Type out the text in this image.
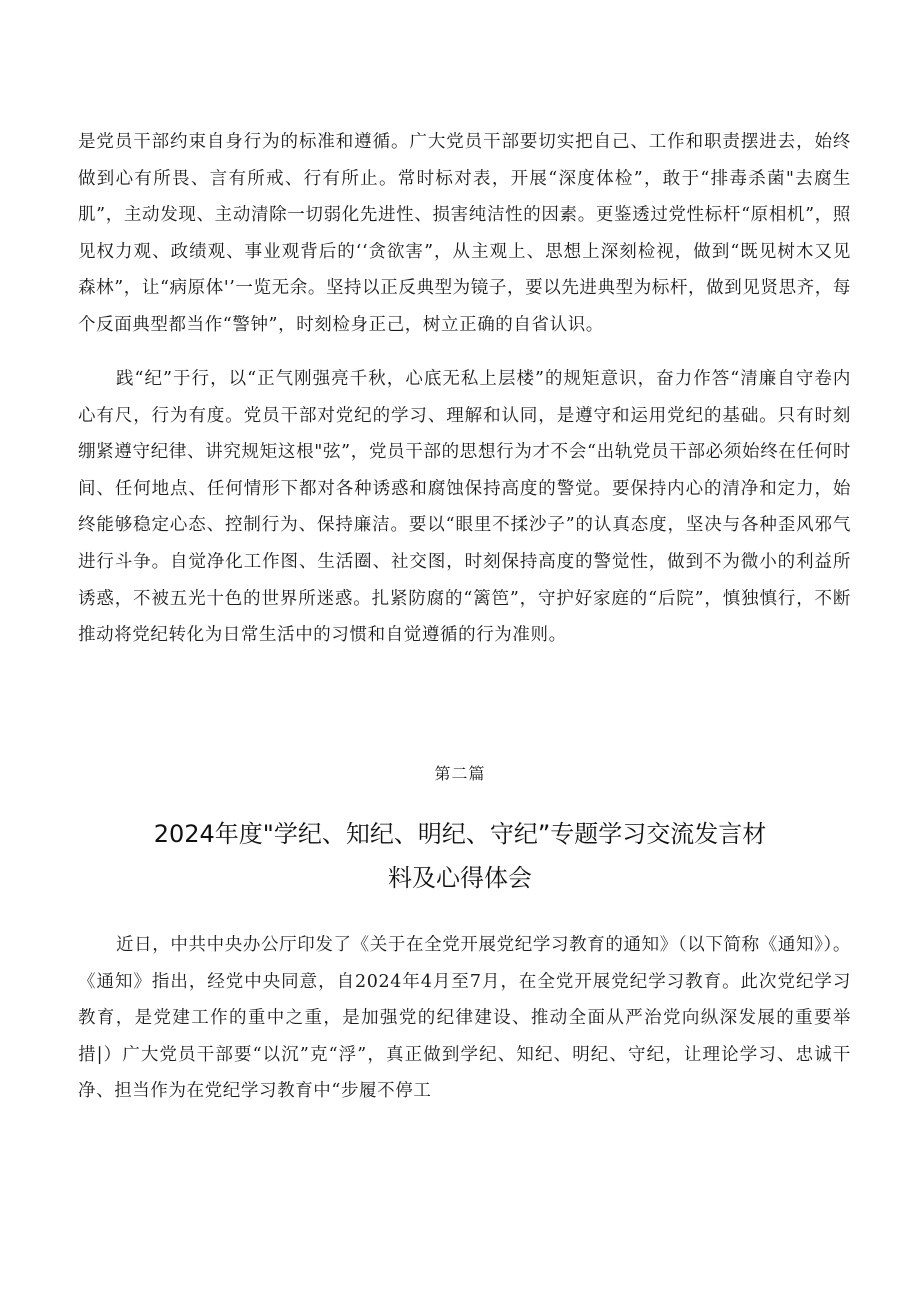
是党员干部约束自身行为的标准和遵循。广大党员干部要切实把自己、工作和职责摆进去，始终做到心有所畏、言有所戒、行有所止。常时标对表，开展“深度体检”，敢于“排毒杀菌"去腐生肌”，主动发现、主动清除一切弱化先进性、损害纯洁性的因素。更鉴透过党性标杆“原相机”，照见权力观、政绩观、事业观背后的‘‘贪欲害”，从主观上、思想上深刻检视，做到“既见树木又见森林”，让“病原体'’一览无余。坚持以正反典型为镜子，要以先进典型为标杆，做到见贤思齐，每个反面典型都当作“警钟”，时刻检身正己，树立正确的自省认识。

践“纪”于行，以“正气刚强亮千秋，心底无私上层楼”的规矩意识，奋力作答“清廉自守卷内心有尺，行为有度。党员干部对党纪的学习、理解和认同，是遵守和运用党纪的基础。只有时刻绷紧遵守纪律、讲究规矩这根"弦”，党员干部的思想行为才不会“出轨党员干部必须始终在任何时间、任何地点、任何情形下都对各种诱惑和腐蚀保持高度的警觉。要保持内心的清净和定力，始终能够稳定心态、控制行为、保持廉洁。要以“眼里不揉沙子”的认真态度，坚决与各种歪风邪气进行斗争。自觉净化工作图、生活圈、社交图，时刻保持高度的警觉性，做到不为微小的利益所诱惑，不被五光十色的世界所迷惑。扎紧防腐的“篱笆”，守护好家庭的“后院”，慎独慎行，不断推动将党纪转化为日常生活中的习惯和自觉遵循的行为准则。

第二篇
2024年度"学纪、知纪、明纪、守纪”专题学习交流发言材
料及心得体会

近日，中共中央办公厅印发了《关于在全党开展党纪学习教育的通知》（以下简称《通知》）。《通知》指出，经党中央同意，自2024年4月至7月，在全党开展党纪学习教育。此次党纪学习教育，是党建工作的重中之重，是加强党的纪律建设、推动全面从严治党向纵深发展的重要举措|）广大党员干部要“以沉”克“浮”，真正做到学纪、知纪、明纪、守纪，让理论学习、忠诚干净、担当作为在党纪学习教育中“步履不停工
